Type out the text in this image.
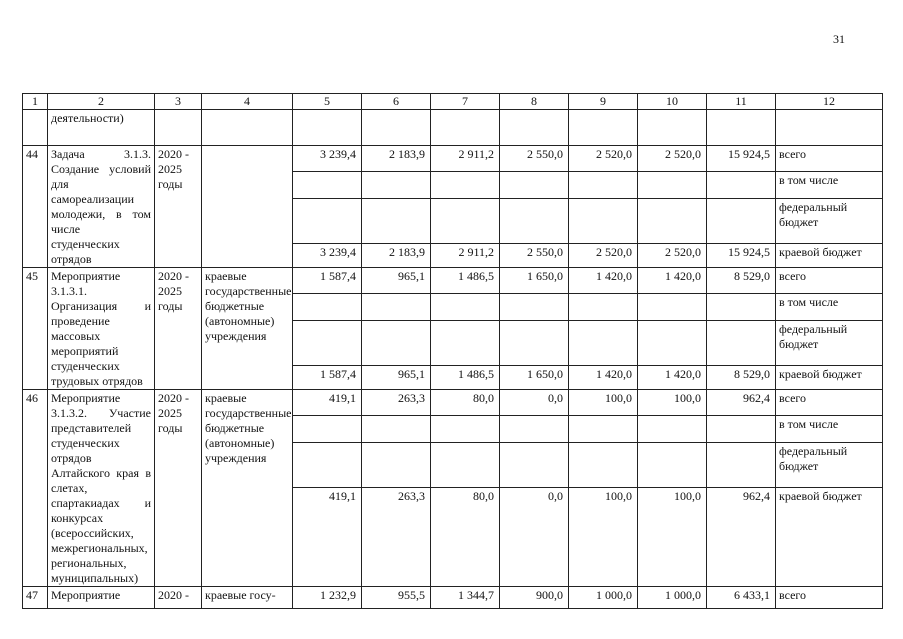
31
1	2	3	4	5	6	7	8	9	10	11	12
	деятельности)										
44	Задача 3.1.3. Создание условий для самореализации молодежи, в том числе студенческих отрядов	2020 - 2025 годы		3 239,4	2 183,9	2 911,2	2 550,0	2 520,0	2 520,0	15 924,5	всего
											в том числе
											федеральный бюджет
				3 239,4	2 183,9	2 911,2	2 550,0	2 520,0	2 520,0	15 924,5	краевой бюджет
45	Мероприятие 3.1.3.1. Организация и проведение массовых мероприятий студенческих трудовых отрядов	2020 - 2025 годы	краевые государственные бюджетные (автономные) учреждения	1 587,4	965,1	1 486,5	1 650,0	1 420,0	1 420,0	8 529,0	всего
											в том числе
											федеральный бюджет
				1 587,4	965,1	1 486,5	1 650,0	1 420,0	1 420,0	8 529,0	краевой бюджет
46	Мероприятие 3.1.3.2. Участие представителей студенческих отрядов Алтайского края в слетах, спартакиадах и конкурсах (всероссийских, межрегиональных, региональных, муниципальных)	2020 - 2025 годы	краевые государственные бюджетные (автономные) учреждения	419,1	263,3	80,0	0,0	100,0	100,0	962,4	всего
											в том числе
											федеральный бюджет
				419,1	263,3	80,0	0,0	100,0	100,0	962,4	краевой бюджет
47	Мероприятие	2020 -	краевые госу-	1 232,9	955,5	1 344,7	900,0	1 000,0	1 000,0	6 433,1	всего
